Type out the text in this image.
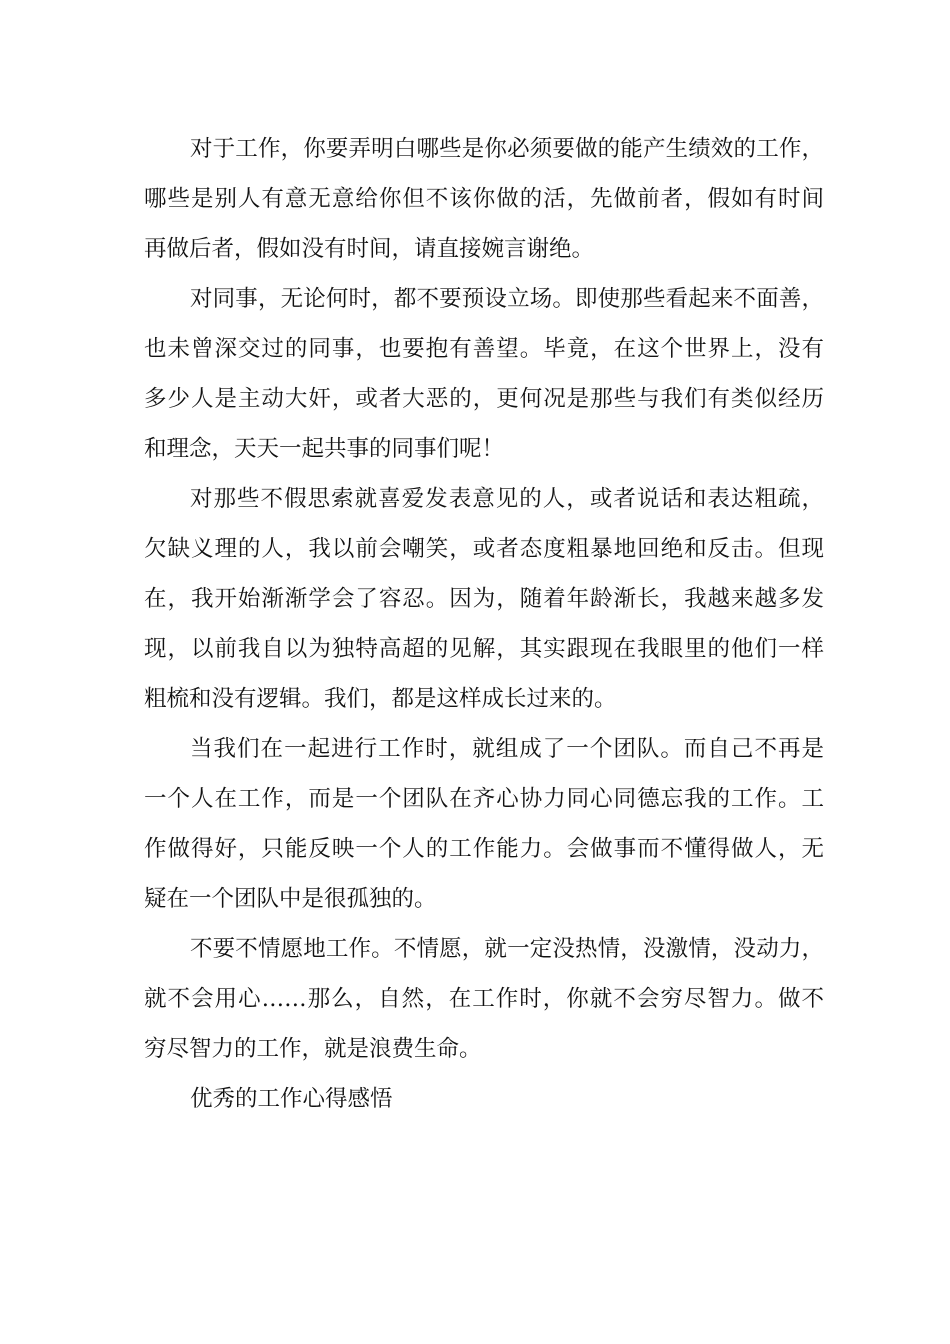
对于工作，你要弄明白哪些是你必须要做的能产生绩效的工作，
哪些是别人有意无意给你但不该你做的活，先做前者，假如有时间
再做后者，假如没有时间，请直接婉言谢绝。
对同事，无论何时，都不要预设立场。即使那些看起来不面善，
也未曾深交过的同事，也要抱有善望。毕竟，在这个世界上，没有
多少人是主动大奸，或者大恶的，更何况是那些与我们有类似经历
和理念，天天一起共事的同事们呢！
对那些不假思索就喜爱发表意见的人，或者说话和表达粗疏，
欠缺义理的人，我以前会嘲笑，或者态度粗暴地回绝和反击。但现
在，我开始渐渐学会了容忍。因为，随着年龄渐长，我越来越多发
现，以前我自以为独特高超的见解，其实跟现在我眼里的他们一样
粗梳和没有逻辑。我们，都是这样成长过来的。
当我们在一起进行工作时，就组成了一个团队。而自己不再是
一个人在工作，而是一个团队在齐心协力同心同德忘我的工作。工
作做得好，只能反映一个人的工作能力。会做事而不懂得做人，无
疑在一个团队中是很孤独的。
不要不情愿地工作。不情愿，就一定没热情，没激情，没动力，
就不会用心……那么，自然，在工作时，你就不会穷尽智力。做不
穷尽智力的工作，就是浪费生命。
优秀的工作心得感悟
